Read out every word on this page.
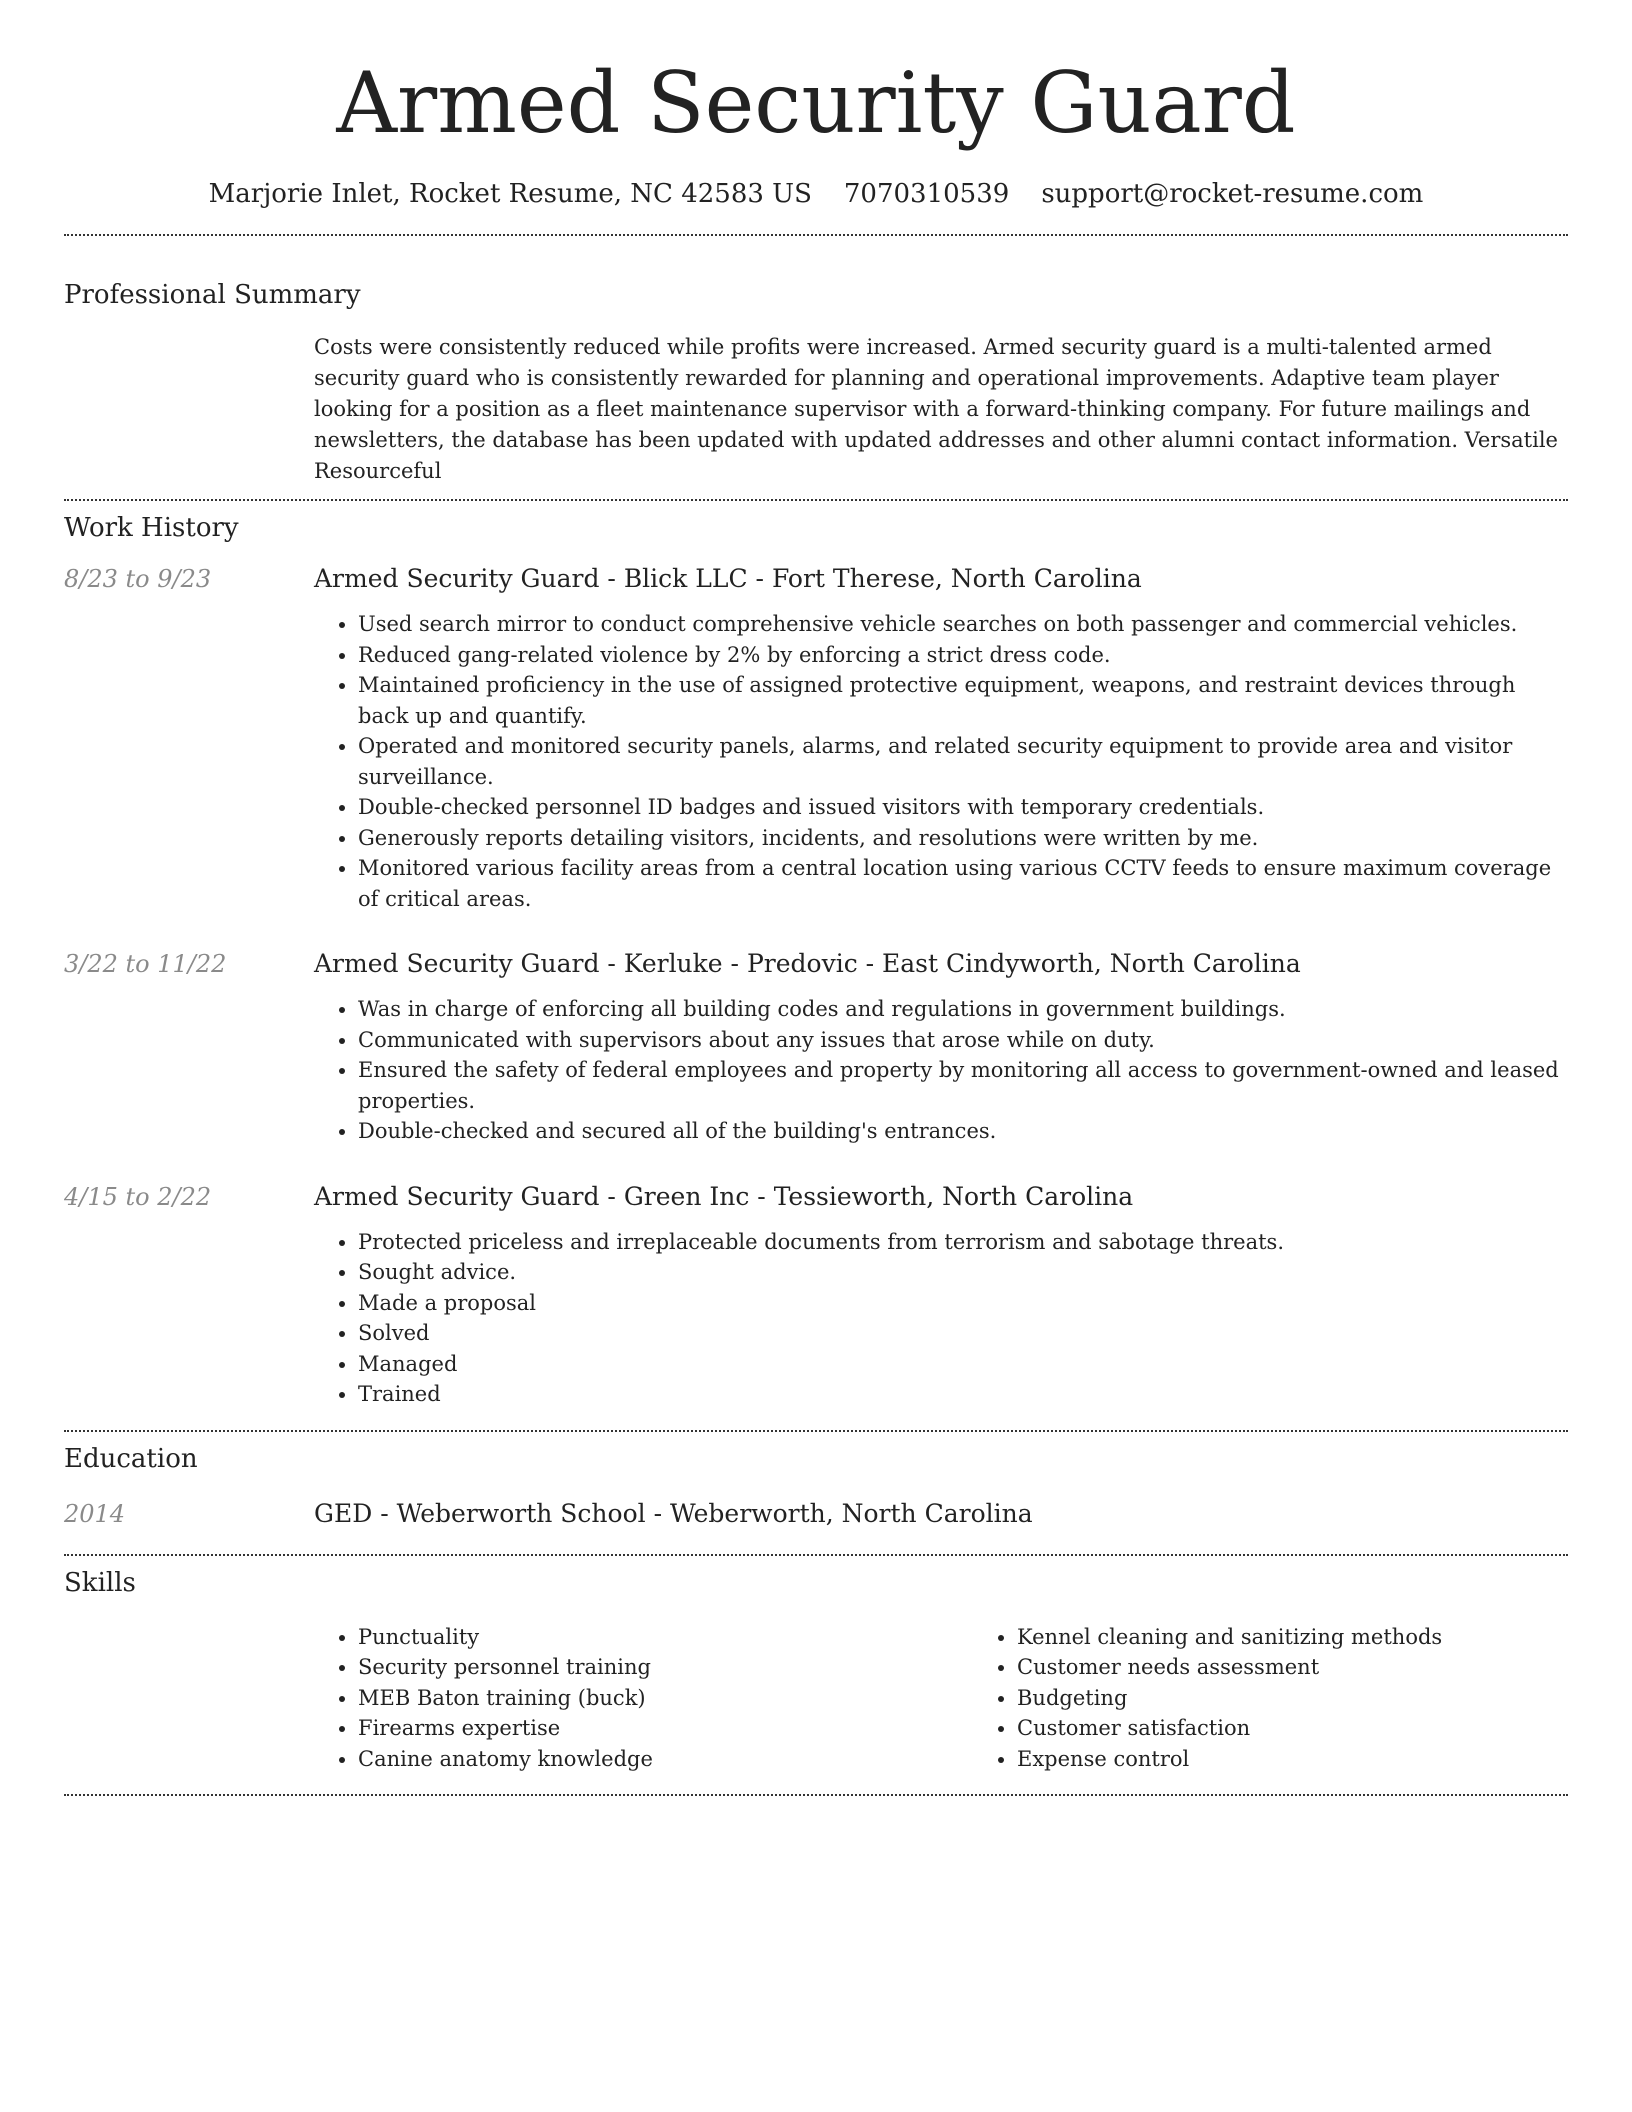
Armed Security Guard
Marjorie Inlet, Rocket Resume, NC 42583 US 7070310539 support@rocket-resume.com
Professional Summary

Costs were consistently reduced while profits were increased. Armed security guard is a multi-talented armed security guard who is consistently rewarded for planning and operational improvements. Adaptive team player looking for a position as a fleet maintenance supervisor with a forward-thinking company. For future mailings and newsletters, the database has been updated with updated addresses and other alumni contact information. Versatile Resourceful

Work History
8/23 to 9/23	Armed Security Guard - Blick LLC - Fort Therese, North Carolina
• Used search mirror to conduct comprehensive vehicle searches on both passenger and commercial vehicles.
• Reduced gang-related violence by 2% by enforcing a strict dress code.
• Maintained proficiency in the use of assigned protective equipment, weapons, and restraint devices through back up and quantify.
• Operated and monitored security panels, alarms, and related security equipment to provide area and visitor surveillance.
• Double-checked personnel ID badges and issued visitors with temporary credentials.
• Generously reports detailing visitors, incidents, and resolutions were written by me.
• Monitored various facility areas from a central location using various CCTV feeds to ensure maximum coverage of critical areas.
3/22 to 11/22	Armed Security Guard - Kerluke - Predovic - East Cindyworth, North Carolina
• Was in charge of enforcing all building codes and regulations in government buildings.
• Communicated with supervisors about any issues that arose while on duty.
• Ensured the safety of federal employees and property by monitoring all access to government-owned and leased properties.
• Double-checked and secured all of the building's entrances.
4/15 to 2/22	Armed Security Guard - Green Inc - Tessieworth, North Carolina
• Protected priceless and irreplaceable documents from terrorism and sabotage threats.
• Sought advice.
• Made a proposal
• Solved
• Managed
• Trained
Education
2014	GED - Weberworth School - Weberworth, North Carolina
Skills
• Punctuality
• Security personnel training
• MEB Baton training (buck)
• Firearms expertise
• Canine anatomy knowledge
• Kennel cleaning and sanitizing methods
• Customer needs assessment
• Budgeting
• Customer satisfaction
• Expense control
